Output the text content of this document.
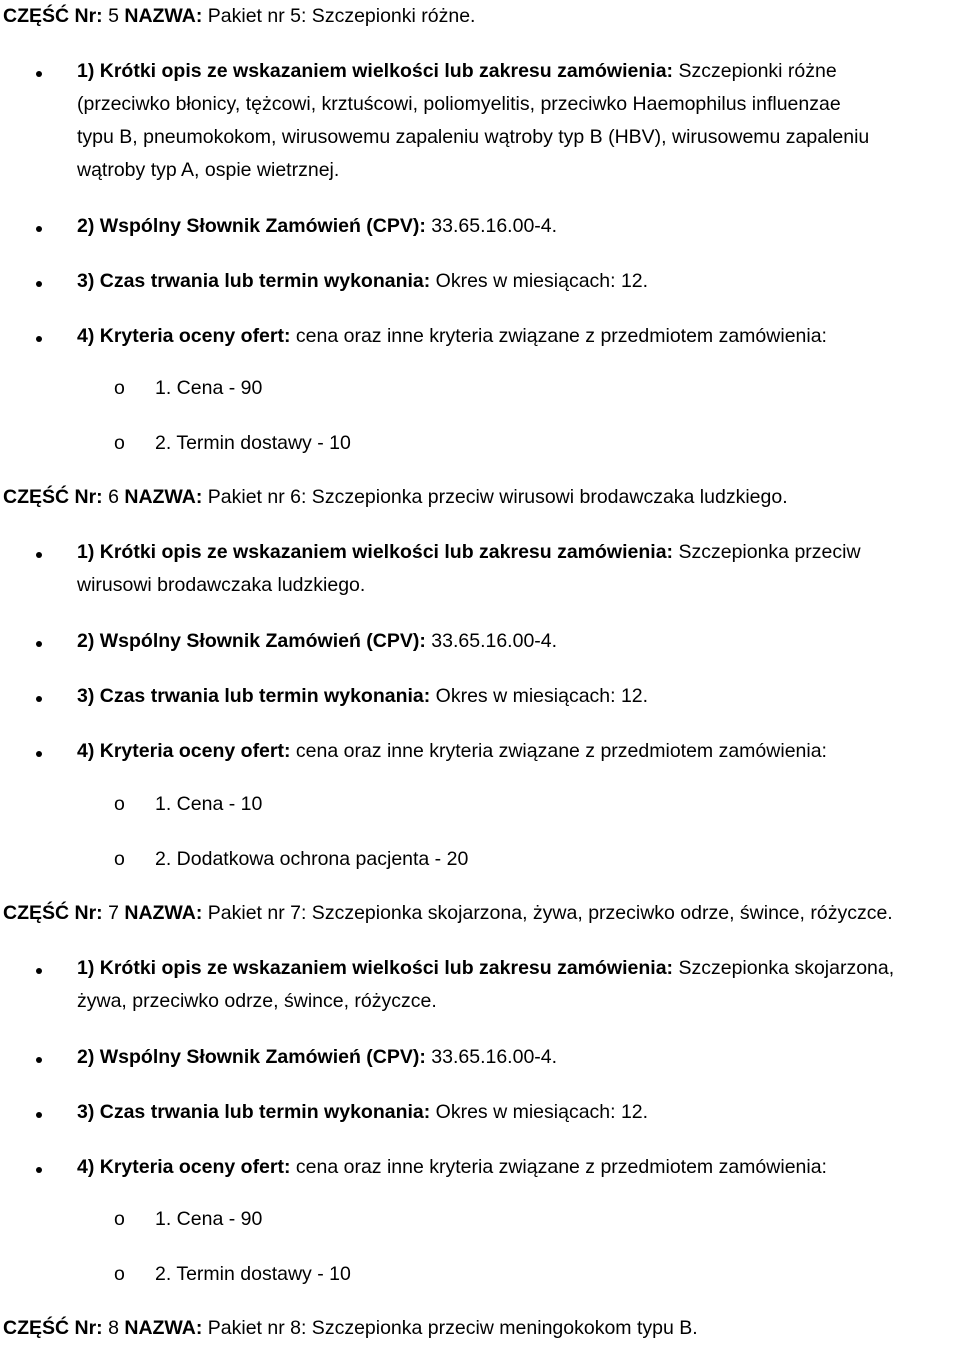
CZĘŚĆ Nr: 5 NAZWA: Pakiet nr 5: Szczepionki różne.
1) Krótki opis ze wskazaniem wielkości lub zakresu zamówienia: Szczepionki różne
(przeciwko błonicy, tężcowi, krztuścowi, poliomyelitis, przeciwko Haemophilus influenzae
typu B, pneumokokom, wirusowemu zapaleniu wątroby typ B (HBV), wirusowemu zapaleniu
wątroby typ A, ospie wietrznej.
2) Wspólny Słownik Zamówień (CPV): 33.65.16.00-4.
3) Czas trwania lub termin wykonania: Okres w miesiącach: 12.
4) Kryteria oceny ofert: cena oraz inne kryteria związane z przedmiotem zamówienia:
o 1. Cena - 90
o 2. Termin dostawy - 10
CZĘŚĆ Nr: 6 NAZWA: Pakiet nr 6: Szczepionka przeciw wirusowi brodawczaka ludzkiego.
1) Krótki opis ze wskazaniem wielkości lub zakresu zamówienia: Szczepionka przeciw
wirusowi brodawczaka ludzkiego.
2) Wspólny Słownik Zamówień (CPV): 33.65.16.00-4.
3) Czas trwania lub termin wykonania: Okres w miesiącach: 12.
4) Kryteria oceny ofert: cena oraz inne kryteria związane z przedmiotem zamówienia:
o 1. Cena - 10
o 2. Dodatkowa ochrona pacjenta - 20
CZĘŚĆ Nr: 7 NAZWA: Pakiet nr 7: Szczepionka skojarzona, żywa, przeciwko odrze, śwince, różyczce.
1) Krótki opis ze wskazaniem wielkości lub zakresu zamówienia: Szczepionka skojarzona,
żywa, przeciwko odrze, śwince, różyczce.
2) Wspólny Słownik Zamówień (CPV): 33.65.16.00-4.
3) Czas trwania lub termin wykonania: Okres w miesiącach: 12.
4) Kryteria oceny ofert: cena oraz inne kryteria związane z przedmiotem zamówienia:
o 1. Cena - 90
o 2. Termin dostawy - 10
CZĘŚĆ Nr: 8 NAZWA: Pakiet nr 8: Szczepionka przeciw meningokokom typu B.
